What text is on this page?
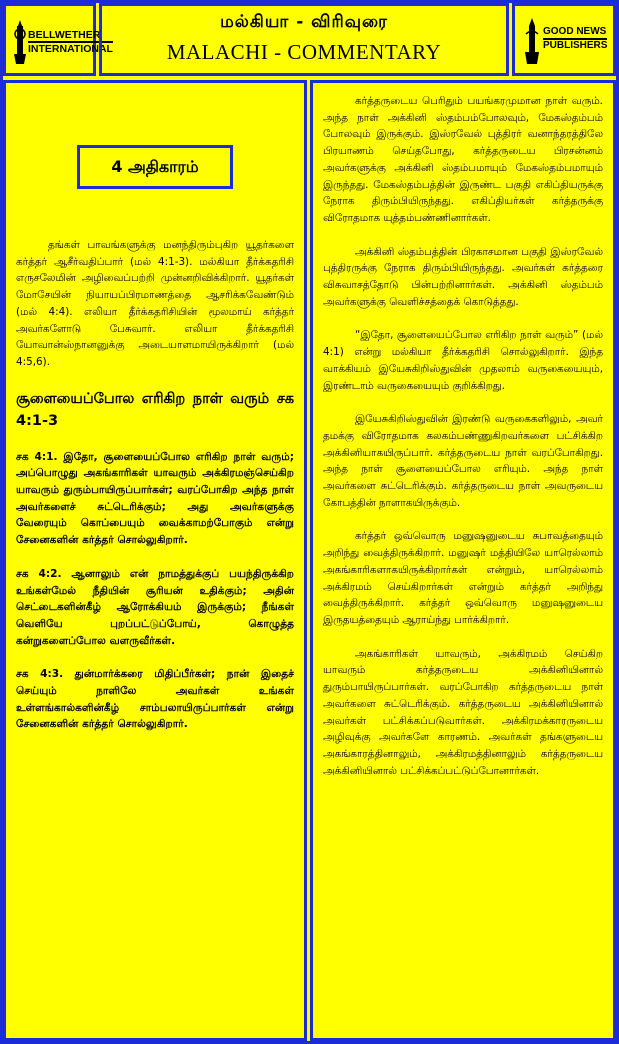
BELLWETHER
INTERNATIONAL
மல்கியா - விரிவுரை
MALACHI - COMMENTARY
GOOD NEWS
PUBLISHERS
4 அதிகாரம்

தங்கள் பாவங்களுக்கு மனந்திரும்புகிற யூதர்களை கர்த்தர் ஆசீர்வதிப்பார் (மல் 4:1-3). மல்கியா தீர்க்கதரிசி எருசலேமின் அழிவைப்பற்றி முன்னறிவிக்கிறார். யூதர்கள் மோசேயின் நியாயப்பிரமாணத்தை ஆசரிக்கவேண்டும் (மல் 4:4). எலியா தீர்க்கதரிசியின் மூலமாய் கர்த்தர் அவர்களோடு பேசுவார். எலியா தீர்க்கதரிசி யோவான்ஸ்நானனுக்கு அடையாளமாயிருக்கிறார் (மல் 4:5,6).

சூளையைப்போல எரிகிற நாள் வரும் சக 4:1-3

சக 4:1. இதோ, சூளையைப்போல எரிகிற நாள் வரும்; அப்பொழுது அகங்காரிகள் யாவரும் அக்கிரமஞ்செய்கிற யாவரும் துரும்பாயிருப்பார்கள்; வரப்போகிற அந்த நாள் அவர்களைச் சுட்டெரிக்கும்; அது அவர்களுக்கு வேரையும் கொப்பையும் வைக்காமற்போகும் என்று சேனைகளின் கர்த்தர் சொல்லுகிறார்.

சக 4:2. ஆனாலும் என் நாமத்துக்குப் பயந்திருக்கிற உங்கள்மேல் நீதியின் சூரியன் உதிக்கும்; அதின் செட்டைகளின்கீழ் ஆரோக்கியம் இருக்கும்; நீங்கள் வெளியே புறப்பட்டுப்போய், கொழுத்த கன்றுகளைப்போல வளருவீர்கள்.

சக 4:3. துன்மார்க்கரை மிதிப்பீர்கள்; நான் இதைச் செய்யும் நாளிலே அவர்கள் உங்கள் உள்ளங்கால்களின்கீழ் சாம்பலாயிருப்பார்கள் என்று சேனைகளின் கர்த்தர் சொல்லுகிறார்.

கர்த்தருடைய பெரிதும் பயங்கரமுமான நாள் வரும். அந்த நாள் அக்கினி ஸ்தம்பம்போலவும், மேகஸ்தம்பம் போலவும் இருக்கும். இஸ்ரவேல் புத்திரர் வனாந்தரத்திலே பிரயாணம் செய்தபோது, கர்த்தருடைய பிரசன்னம் அவர்களுக்கு அக்கினி ஸ்தம்பமாயும் மேகஸ்தம்பமாயும் இருந்தது. மேகஸ்தம்பத்தின் இருண்ட பகுதி எகிப்தியருக்கு நேராக திரும்பியிருந்தது. எகிப்தியர்கள் கர்த்தருக்கு விரோதமாக யுத்தம்பண்ணினார்கள்.

அக்கினி ஸ்தம்பத்தின் பிரகாசமான பகுதி இஸ்ரவேல் புத்திரருக்கு நேராக திரும்பியிருந்தது. அவர்கள் கர்த்தரை விசுவாசத்தோடு பின்பற்றினார்கள். அக்கினி ஸ்தம்பம் அவர்களுக்கு வெளிச்சத்தைக் கொடுத்தது.

“இதோ, சூளையைப்போல எரிகிற நாள் வரும்” (மல் 4:1) என்று மல்கியா தீர்க்கதரிசி சொல்லுகிறார். இந்த வாக்கியம் இயேசுகிறிஸ்துவின் முதலாம் வருகையையும், இரண்டாம் வருகையையும் குறிக்கிறது.

இயேசுகிறிஸ்துவின் இரண்டு வருகைகளிலும், அவர் தமக்கு விரோதமாக கலகம்பண்ணுகிறவர்களை பட்சிக்கிற அக்கினியாகயிருப்பார். கர்த்தருடைய நாள் வரப்போகிறது. அந்த நாள் சூளையைப்போல எரியும். அந்த நாள் அவர்களை சுட்டெரிக்கும். கர்த்தருடைய நாள் அவருடைய கோபத்தின் நாளாகயிருக்கும்.

கர்த்தர் ஒவ்வொரு மனுஷனுடைய சுபாவத்தையும் அறிந்து வைத்திருக்கிறார். மனுஷர் மத்தியிலே யாரெல்லாம் அகங்காரிகளாகயிருக்கிறார்கள் என்றும், யாரெல்லாம் அக்கிரமம் செய்கிறார்கள் என்றும் கர்த்தர் அறிந்து வைத்திருக்கிறார். கர்த்தர் ஒவ்வொரு மனுஷனுடைய இருதயத்தையும் ஆராய்ந்து பார்க்கிறார்.

அகங்காரிகள் யாவரும், அக்கிரமம் செய்கிற யாவரும் கர்த்தருடைய அக்கினியினால் துரும்பாயிருப்பார்கள். வரப்போகிற கர்த்தருடைய நாள் அவர்களை சுட்டெரிக்கும். கர்த்தருடைய அக்கினியினால் அவர்கள் பட்சிக்கப்படுவார்கள். அக்கிரமக்காரருடைய அழிவுக்கு அவர்களே காரணம். அவர்கள் தங்களுடைய அகங்காரத்தினாலும், அக்கிரமத்தினாலும் கர்த்தருடைய அக்கினியினால் பட்சிக்கப்பட்டுப்போனார்கள்.
